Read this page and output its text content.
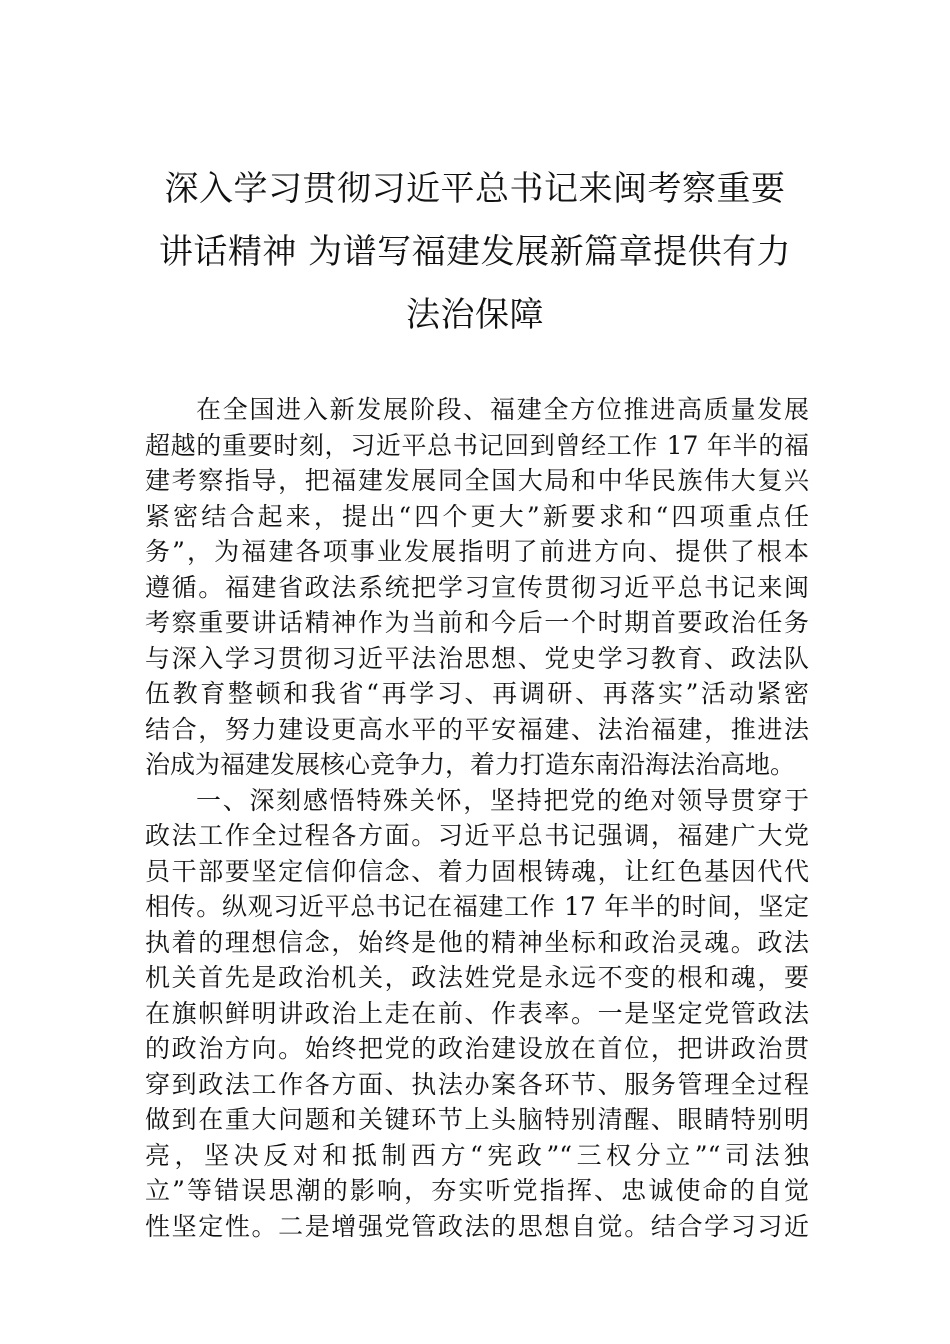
深入学习贯彻习近平总书记来闽考察重要
讲话精神 为谱写福建发展新篇章提供有力
法治保障
在全国进入新发展阶段、福建全方位推进高质量发展
超越的重要时刻，习近平总书记回到曾经工作 17 年半的福
建考察指导，把福建发展同全国大局和中华民族伟大复兴
紧密结合起来，提出“四个更大”新要求和“四项重点任
务”，为福建各项事业发展指明了前进方向、提供了根本
遵循。福建省政法系统把学习宣传贯彻习近平总书记来闽
考察重要讲话精神作为当前和今后一个时期首要政治任务
与深入学习贯彻习近平法治思想、党史学习教育、政法队
伍教育整顿和我省“再学习、再调研、再落实”活动紧密
结合，努力建设更高水平的平安福建、法治福建，推进法
治成为福建发展核心竞争力，着力打造东南沿海法治高地。
一、深刻感悟特殊关怀，坚持把党的绝对领导贯穿于
政法工作全过程各方面。习近平总书记强调，福建广大党
员干部要坚定信仰信念、着力固根铸魂，让红色基因代代
相传。纵观习近平总书记在福建工作 17 年半的时间，坚定
执着的理想信念，始终是他的精神坐标和政治灵魂。政法
机关首先是政治机关，政法姓党是永远不变的根和魂，要
在旗帜鲜明讲政治上走在前、作表率。一是坚定党管政法
的政治方向。始终把党的政治建设放在首位，把讲政治贯
穿到政法工作各方面、执法办案各环节、服务管理全过程
做到在重大问题和关键环节上头脑特别清醒、眼睛特别明
亮，坚决反对和抵制西方“宪政”“三权分立”“司法独
立”等错误思潮的影响，夯实听党指挥、忠诚使命的自觉
性坚定性。二是增强党管政法的思想自觉。结合学习习近
